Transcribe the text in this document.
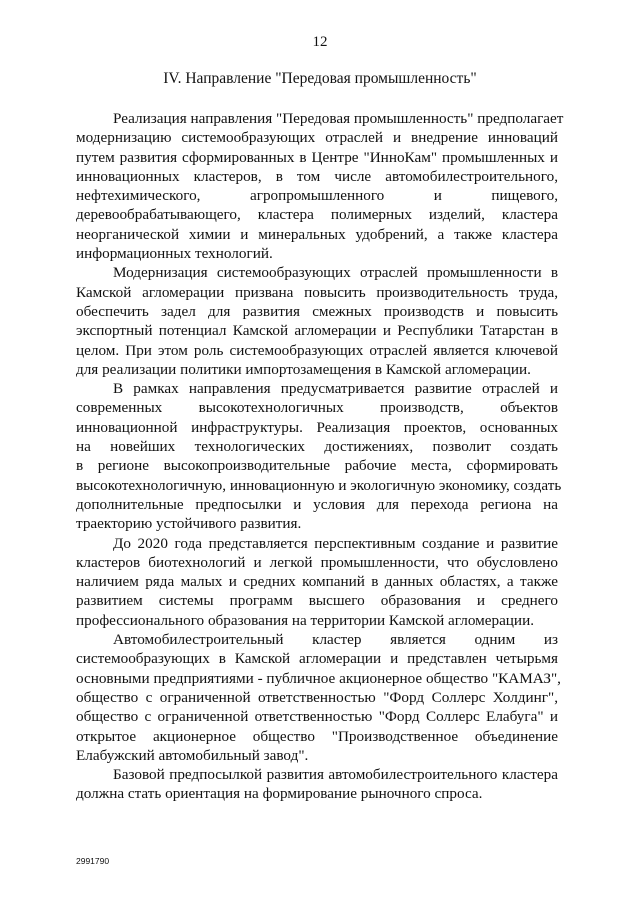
12
IV. Направление "Передовая промышленность"
Реализация направления "Передовая промышленность" предполагает
модернизацию системообразующих отраслей и внедрение инноваций
путем развития сформированных в Центре "ИнноКам" промышленных и
инновационных кластеров, в том числе автомобилестроительного,
нефтехимического, агропромышленного и пищевого,
деревообрабатывающего, кластера полимерных изделий, кластера
неорганической химии и минеральных удобрений, а также кластера
информационных технологий.
Модернизация системообразующих отраслей промышленности в
Камской агломерации призвана повысить производительность труда,
обеспечить задел для развития смежных производств и повысить
экспортный потенциал Камской агломерации и Республики Татарстан в
целом. При этом роль системообразующих отраслей является ключевой
для реализации политики импортозамещения в Камской агломерации.
В рамках направления предусматривается развитие отраслей и
современных высокотехнологичных производств, объектов
инновационной инфраструктуры. Реализация проектов, основанных
на новейших технологических достижениях, позволит создать
в регионе высокопроизводительные рабочие места, сформировать
высокотехнологичную, инновационную и экологичную экономику, создать
дополнительные предпосылки и условия для перехода региона на
траекторию устойчивого развития.
До 2020 года представляется перспективным создание и развитие
кластеров биотехнологий и легкой промышленности, что обусловлено
наличием ряда малых и средних компаний в данных областях, а также
развитием системы программ высшего образования и среднего
профессионального образования на территории Камской агломерации.
Автомобилестроительный кластер является одним из
системообразующих в Камской агломерации и представлен четырьмя
основными предприятиями - публичное акционерное общество "КАМАЗ",
общество с ограниченной ответственностью "Форд Соллерс Холдинг",
общество с ограниченной ответственностью "Форд Соллерс Елабуга" и
открытое акционерное общество "Производственное объединение
Елабужский автомобильный завод".
Базовой предпосылкой развития автомобилестроительного кластера
должна стать ориентация на формирование рыночного спроса.
2991790
